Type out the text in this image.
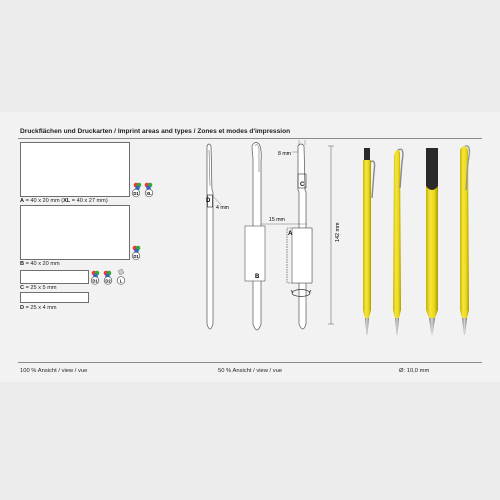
Druckflächen und Druckarten / Imprint areas and types / Zones et modes d'impression
A = 40 x 20 mm (XL = 40 x 27 mm)
B = 40 x 20 mm
C = 25 x 5 mm
D = 25 x 4 mm
D1 XL
D1
D1 D2 L
D
4 mm
B
C
A
8 mm
15 mm
142 mm
100 % Ansicht / view / vue	50 % Ansicht / view / vue	Ø: 10,0 mm
